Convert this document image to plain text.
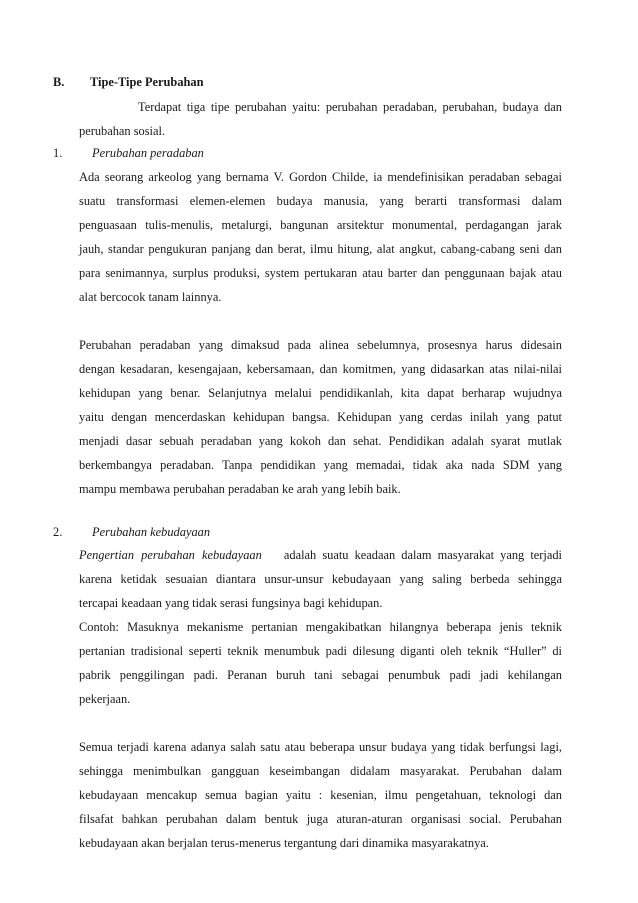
B. Tipe-Tipe Perubahan
Terdapat tiga tipe perubahan yaitu: perubahan peradaban, perubahan, budaya dan
perubahan sosial.
1. Perubahan peradaban
Ada seorang arkeolog yang bernama V. Gordon Childe, ia mendefinisikan peradaban sebagai
suatu transformasi elemen-elemen budaya manusia, yang berarti transformasi dalam
penguasaan tulis-menulis, metalurgi, bangunan arsitektur monumental, perdagangan jarak
jauh, standar pengukuran panjang dan berat, ilmu hitung, alat angkut, cabang-cabang seni dan
para senimannya, surplus produksi, system pertukaran atau barter dan penggunaan bajak atau
alat bercocok tanam lainnya.
Perubahan peradaban yang dimaksud pada alinea sebelumnya, prosesnya harus didesain
dengan kesadaran, kesengajaan, kebersamaan, dan komitmen, yang didasarkan atas nilai-nilai
kehidupan yang benar. Selanjutnya melalui pendidikanlah, kita dapat berharap wujudnya
yaitu dengan mencerdaskan kehidupan bangsa. Kehidupan yang cerdas inilah yang patut
menjadi dasar sebuah peradaban yang kokoh dan sehat. Pendidikan adalah syarat mutlak
berkembangya peradaban. Tanpa pendidikan yang memadai, tidak aka nada SDM yang
mampu membawa perubahan peradaban ke arah yang lebih baik.
2. Perubahan kebudayaan
Pengertian perubahan kebudayaan adalah suatu keadaan dalam masyarakat yang terjadi
karena ketidak sesuaian diantara unsur-unsur kebudayaan yang saling berbeda sehingga
tercapai keadaan yang tidak serasi fungsinya bagi kehidupan.
Contoh: Masuknya mekanisme pertanian mengakibatkan hilangnya beberapa jenis teknik
pertanian tradisional seperti teknik menumbuk padi dilesung diganti oleh teknik “Huller” di
pabrik penggilingan padi. Peranan buruh tani sebagai penumbuk padi jadi kehilangan
pekerjaan.
Semua terjadi karena adanya salah satu atau beberapa unsur budaya yang tidak berfungsi lagi,
sehingga menimbulkan gangguan keseimbangan didalam masyarakat. Perubahan dalam
kebudayaan mencakup semua bagian yaitu : kesenian, ilmu pengetahuan, teknologi dan
filsafat bahkan perubahan dalam bentuk juga aturan-aturan organisasi social. Perubahan
kebudayaan akan berjalan terus-menerus tergantung dari dinamika masyarakatnya.
